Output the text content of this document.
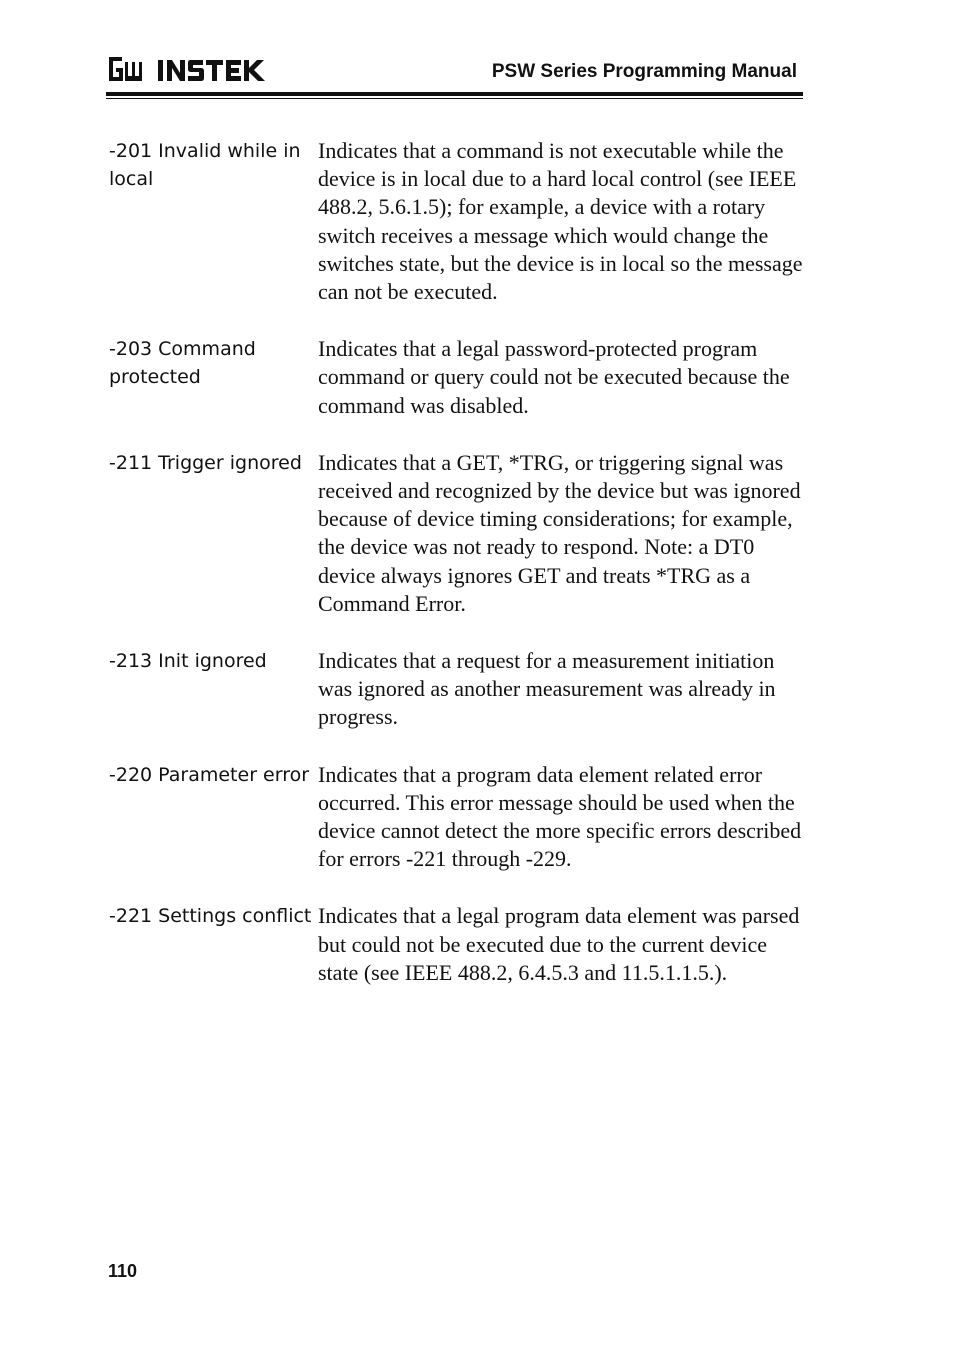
PSW Series Programming Manual
-201 Invalid while in local
Indicates that a command is not executable while the device is in local due to a hard local control (see IEEE 488.2, 5.6.1.5); for example, a device with a rotary switch receives a message which would change the switches state, but the device is in local so the message can not be executed.
-203 Command protected
Indicates that a legal password-protected program command or query could not be executed because the command was disabled.
-211 Trigger ignored Indicates that a GET, *TRG, or triggering signal was received and recognized by the device but was ignored because of device timing considerations; for example, the device was not ready to respond. Note: a DT0 device always ignores GET and treats *TRG as a Command Error.
-213 Init ignored	Indicates that a request for a measurement initiation was ignored as another measurement was already in progress.
-220 Parameter error Indicates that a program data element related error occurred. This error message should be used when the device cannot detect the more specific errors described for errors -221 through -229.
-221 Settings conflict Indicates that a legal program data element was parsed but could not be executed due to the current device state (see IEEE 488.2, 6.4.5.3 and 11.5.1.1.5.).
110
